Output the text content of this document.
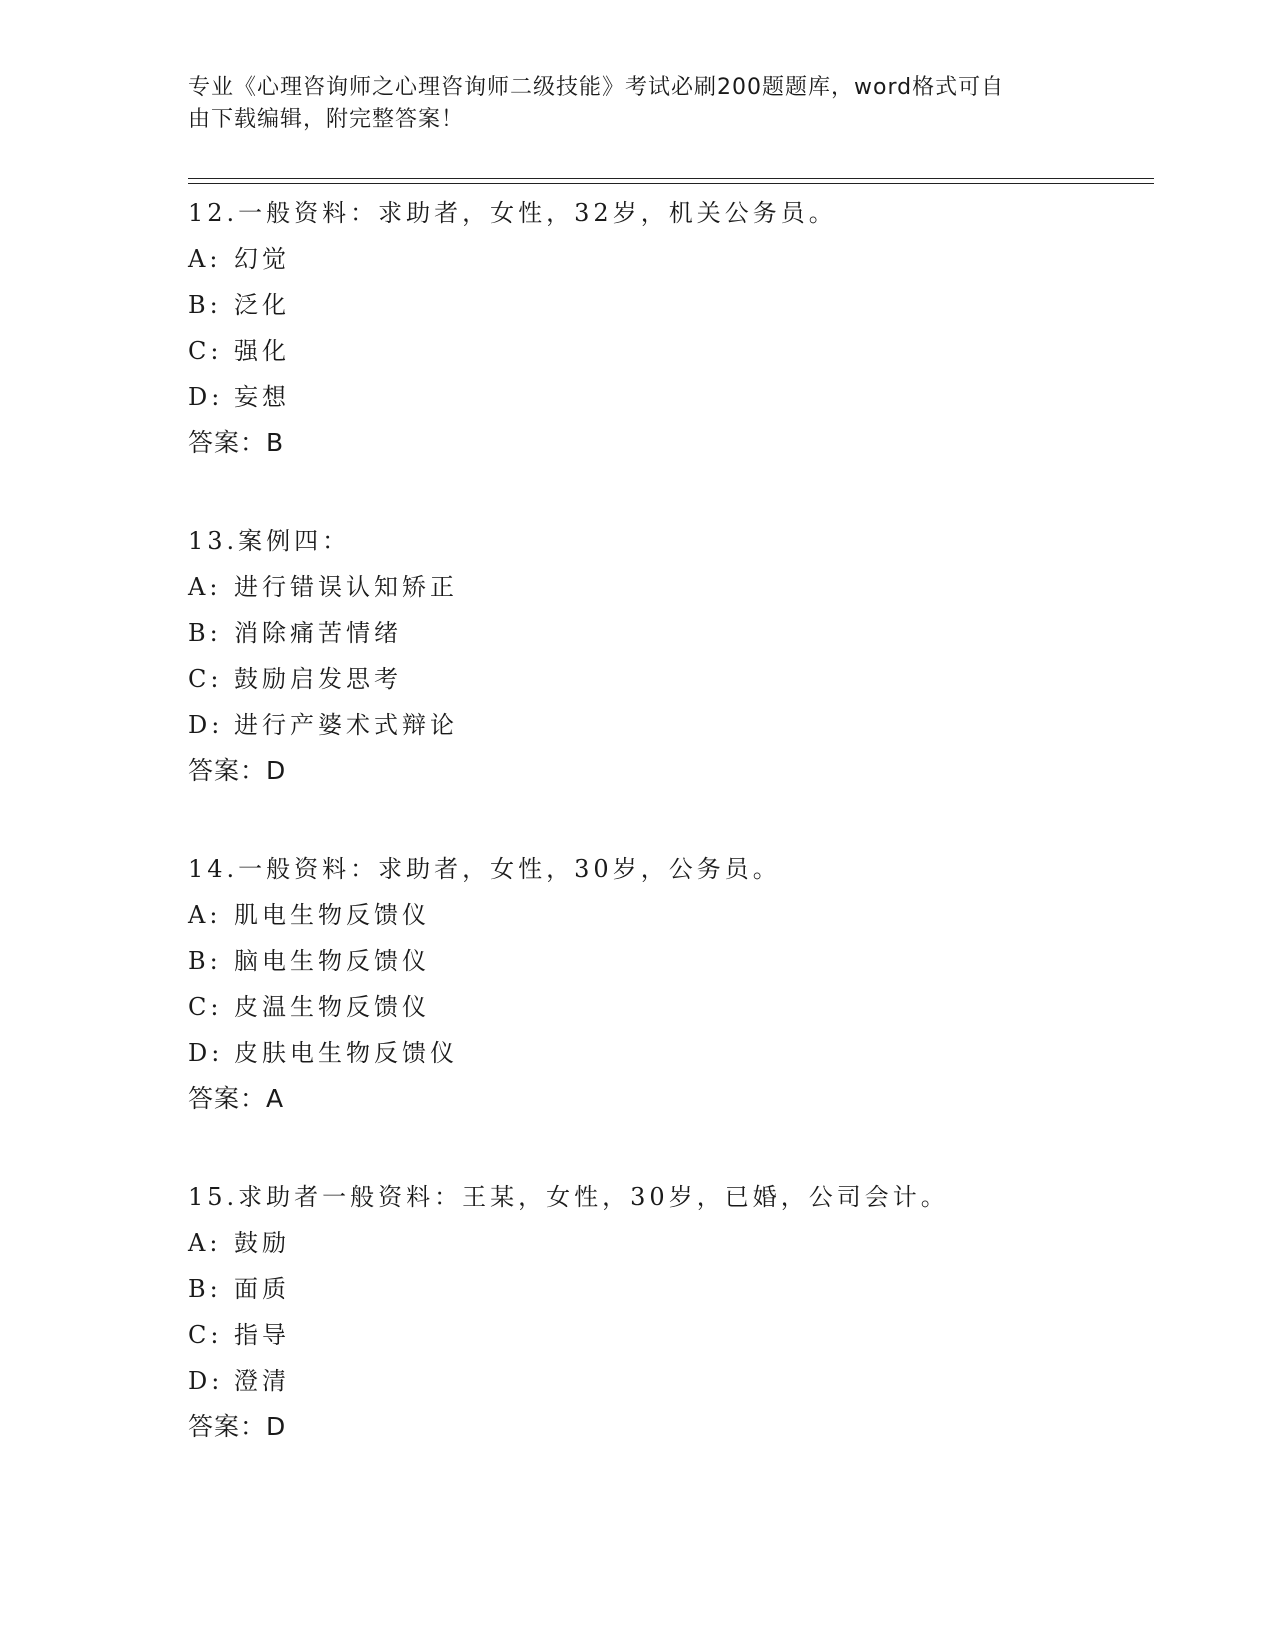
专业《心理咨询师之心理咨询师二级技能》考试必刷200题题库，word格式可自
由下载编辑，附完整答案！
12.一般资料：求助者，女性，32岁，机关公务员。
A: 幻觉
B: 泛化
C: 强化
D: 妄想
答案：B
13.案例四：
A: 进行错误认知矫正
B: 消除痛苦情绪
C: 鼓励启发思考
D: 进行产婆术式辩论
答案：D
14.一般资料：求助者，女性，30岁，公务员。
A: 肌电生物反馈仪
B: 脑电生物反馈仪
C: 皮温生物反馈仪
D: 皮肤电生物反馈仪
答案：A
15.求助者一般资料：王某，女性，30岁，已婚，公司会计。
A: 鼓励
B: 面质
C: 指导
D: 澄清
答案：D
